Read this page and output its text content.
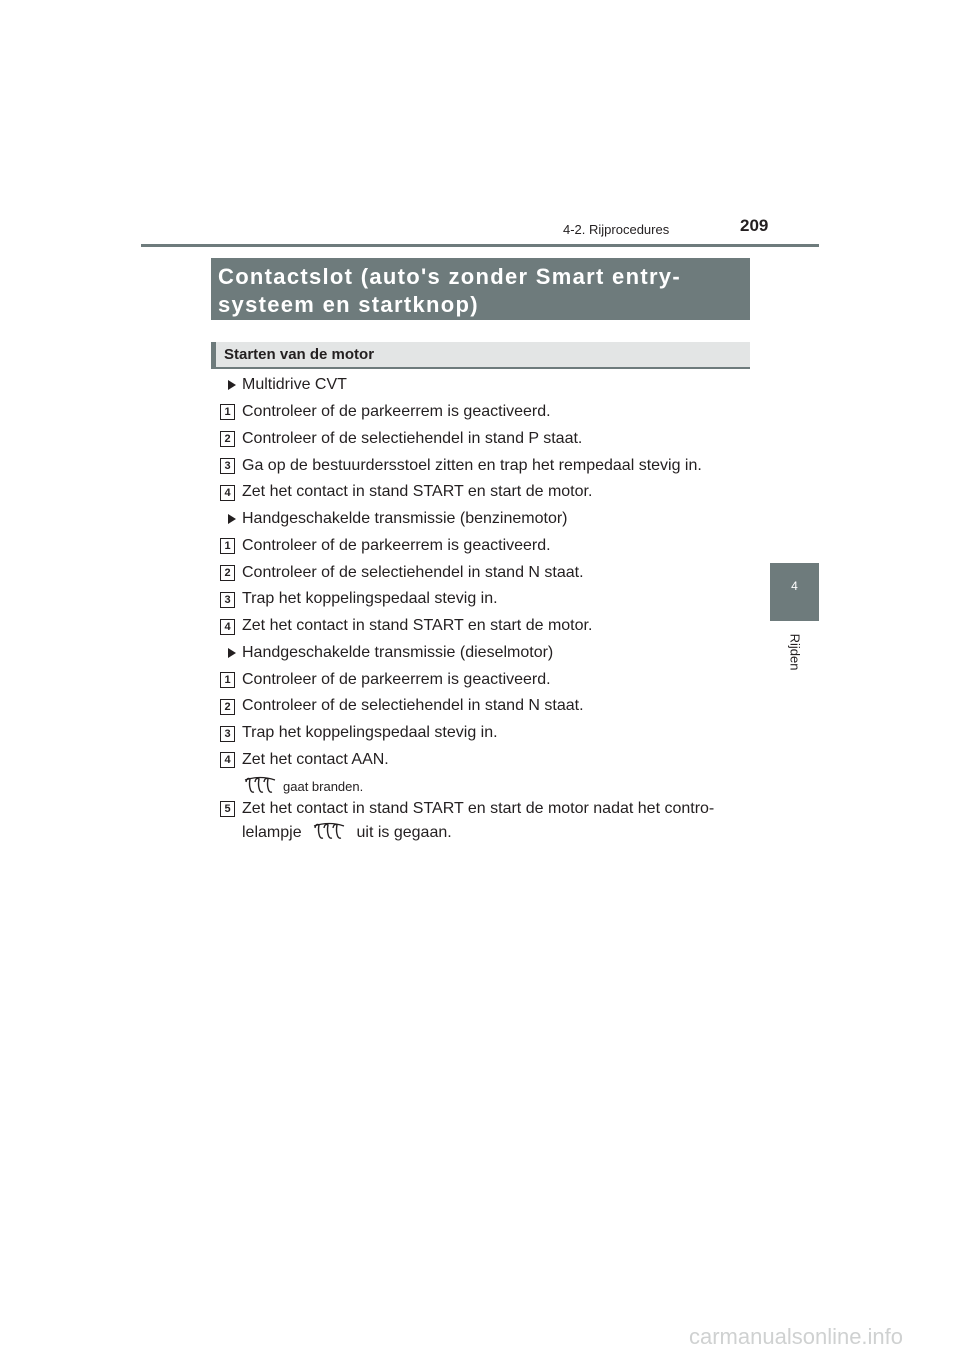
4-2. Rijprocedures	209
4
Rijden
Contactslot (auto's zonder Smart entry-
systeem en startknop)
Starten van de motor
Multidrive CVT
1 Controleer of de parkeerrem is geactiveerd.
2 Controleer of de selectiehendel in stand P staat.
3 Ga op de bestuurdersstoel zitten en trap het rempedaal stevig in.
4 Zet het contact in stand START en start de motor.
Handgeschakelde transmissie (benzinemotor)
1 Controleer of de parkeerrem is geactiveerd.
2 Controleer of de selectiehendel in stand N staat.
3 Trap het koppelingspedaal stevig in.
4 Zet het contact in stand START en start de motor.
Handgeschakelde transmissie (dieselmotor)
1 Controleer of de parkeerrem is geactiveerd.
2 Controleer of de selectiehendel in stand N staat.
3 Trap het koppelingspedaal stevig in.
4 Zet het contact AAN.
gaat branden.
5 Zet het contact in stand START en start de motor nadat het contro-
lelampje	uit is gegaan.
carmanualsonline.info
